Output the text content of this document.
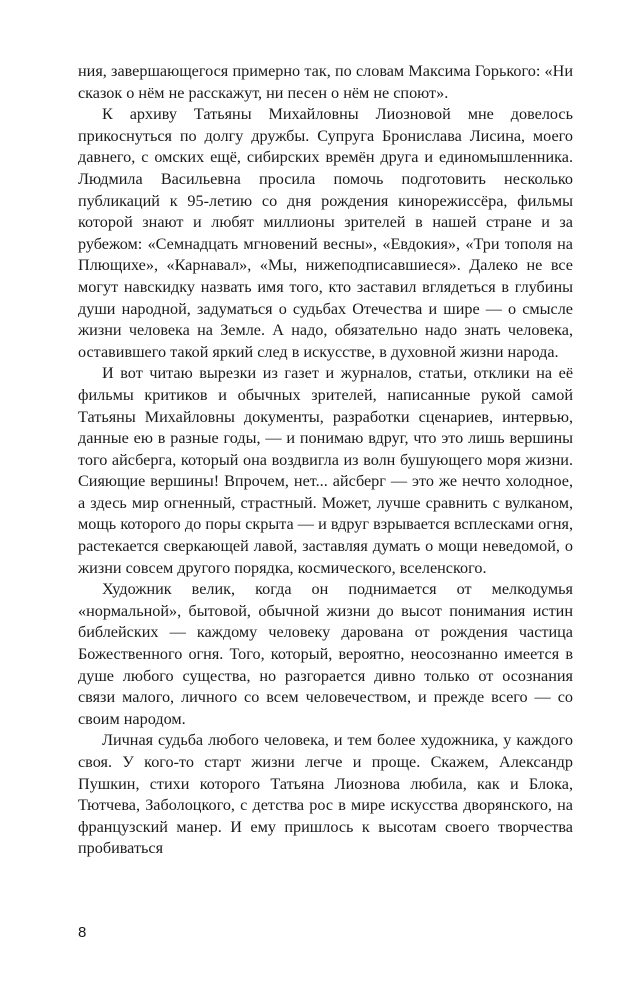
ния, завершающегося примерно так, по словам Максима Горького: «Ни сказок о нём не расскажут, ни песен о нём не споют».

К архиву Татьяны Михайловны Лиозновой мне довелось прикоснуться по долгу дружбы. Супруга Бронислава Лисина, моего давнего, с омских ещё, сибирских времён друга и единомышленника. Людмила Васильевна просила помочь подготовить несколько публикаций к 95-летию со дня рождения кинорежиссёра, фильмы которой знают и любят миллионы зрителей в нашей стране и за рубежом: «Семнадцать мгновений весны», «Евдокия», «Три тополя на Плющихе», «Карнавал», «Мы, нижеподписавшиеся». Далеко не все могут навскидку назвать имя того, кто заставил вглядеться в глубины души народной, задуматься о судьбах Отечества и шире — о смысле жизни человека на Земле. А надо, обязательно надо знать человека, оставившего такой яркий след в искусстве, в духовной жизни народа.

И вот читаю вырезки из газет и журналов, статьи, отклики на её фильмы критиков и обычных зрителей, написанные рукой самой Татьяны Михайловны документы, разработки сценариев, интервью, данные ею в разные годы, — и понимаю вдруг, что это лишь вершины того айсберга, который она воздвигла из волн бушующего моря жизни. Сияющие вершины! Впрочем, нет... айсберг — это же нечто холодное, а здесь мир огненный, страстный. Может, лучше сравнить с вулканом, мощь которого до поры скрыта — и вдруг взрывается всплесками огня, растекается сверкающей лавой, заставляя думать о мощи неведомой, о жизни совсем другого порядка, космического, вселенского.

Художник велик, когда он поднимается от мелкодумья «нормальной», бытовой, обычной жизни до высот понимания истин библейских — каждому человеку дарована от рождения частица Божественного огня. Того, который, вероятно, неосознанно имеется в душе любого существа, но разгорается дивно только от осознания связи малого, личного со всем человечеством, и прежде всего — со своим народом.

Личная судьба любого человека, и тем более художника, у каждого своя. У кого-то старт жизни легче и проще. Скажем, Александр Пушкин, стихи которого Татьяна Лиознова любила, как и Блока, Тютчева, Заболоцкого, с детства рос в мире искусства дворянского, на французский манер. И ему пришлось к высотам своего творчества пробиваться

8
